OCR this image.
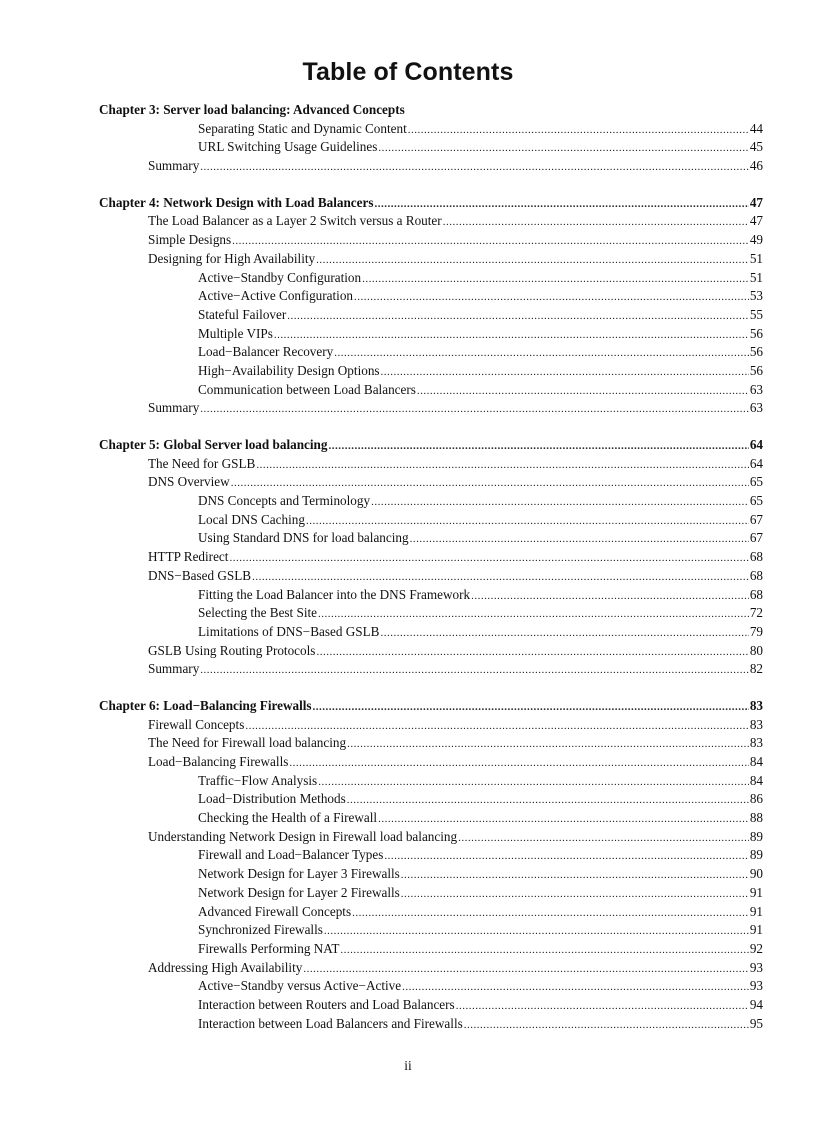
Table of Contents
Chapter 3: Server load balancing: Advanced Concepts
Separating Static and Dynamic Content .....	44
URL Switching Usage Guidelines .....	45
Summary .....	46
Chapter 4: Network Design with Load Balancers .....	47
The Load Balancer as a Layer 2 Switch versus a Router .....	47
Simple Designs .....	49
Designing for High Availability .....	51
Active−Standby Configuration .....	51
Active−Active Configuration .....	53
Stateful Failover .....	55
Multiple VIPs .....	56
Load−Balancer Recovery .....	56
High−Availability Design Options .....	56
Communication between Load Balancers .....	63
Summary .....	63
Chapter 5: Global Server load balancing .....	64
The Need for GSLB .....	64
DNS Overview .....	65
DNS Concepts and Terminology .....	65
Local DNS Caching .....	67
Using Standard DNS for load balancing .....	67
HTTP Redirect .....	68
DNS−Based GSLB .....	68
Fitting the Load Balancer into the DNS Framework .....	68
Selecting the Best Site .....	72
Limitations of DNS−Based GSLB .....	79
GSLB Using Routing Protocols .....	80
Summary .....	82
Chapter 6: Load−Balancing Firewalls .....	83
Firewall Concepts .....	83
The Need for Firewall load balancing .....	83
Load−Balancing Firewalls .....	84
Traffic−Flow Analysis .....	84
Load−Distribution Methods .....	86
Checking the Health of a Firewall .....	88
Understanding Network Design in Firewall load balancing .....	89
Firewall and Load−Balancer Types .....	89
Network Design for Layer 3 Firewalls .....	90
Network Design for Layer 2 Firewalls .....	91
Advanced Firewall Concepts .....	91
Synchronized Firewalls .....	91
Firewalls Performing NAT .....	92
Addressing High Availability .....	93
Active−Standby versus Active−Active .....	93
Interaction between Routers and Load Balancers .....	94
Interaction between Load Balancers and Firewalls .....	95
ii
